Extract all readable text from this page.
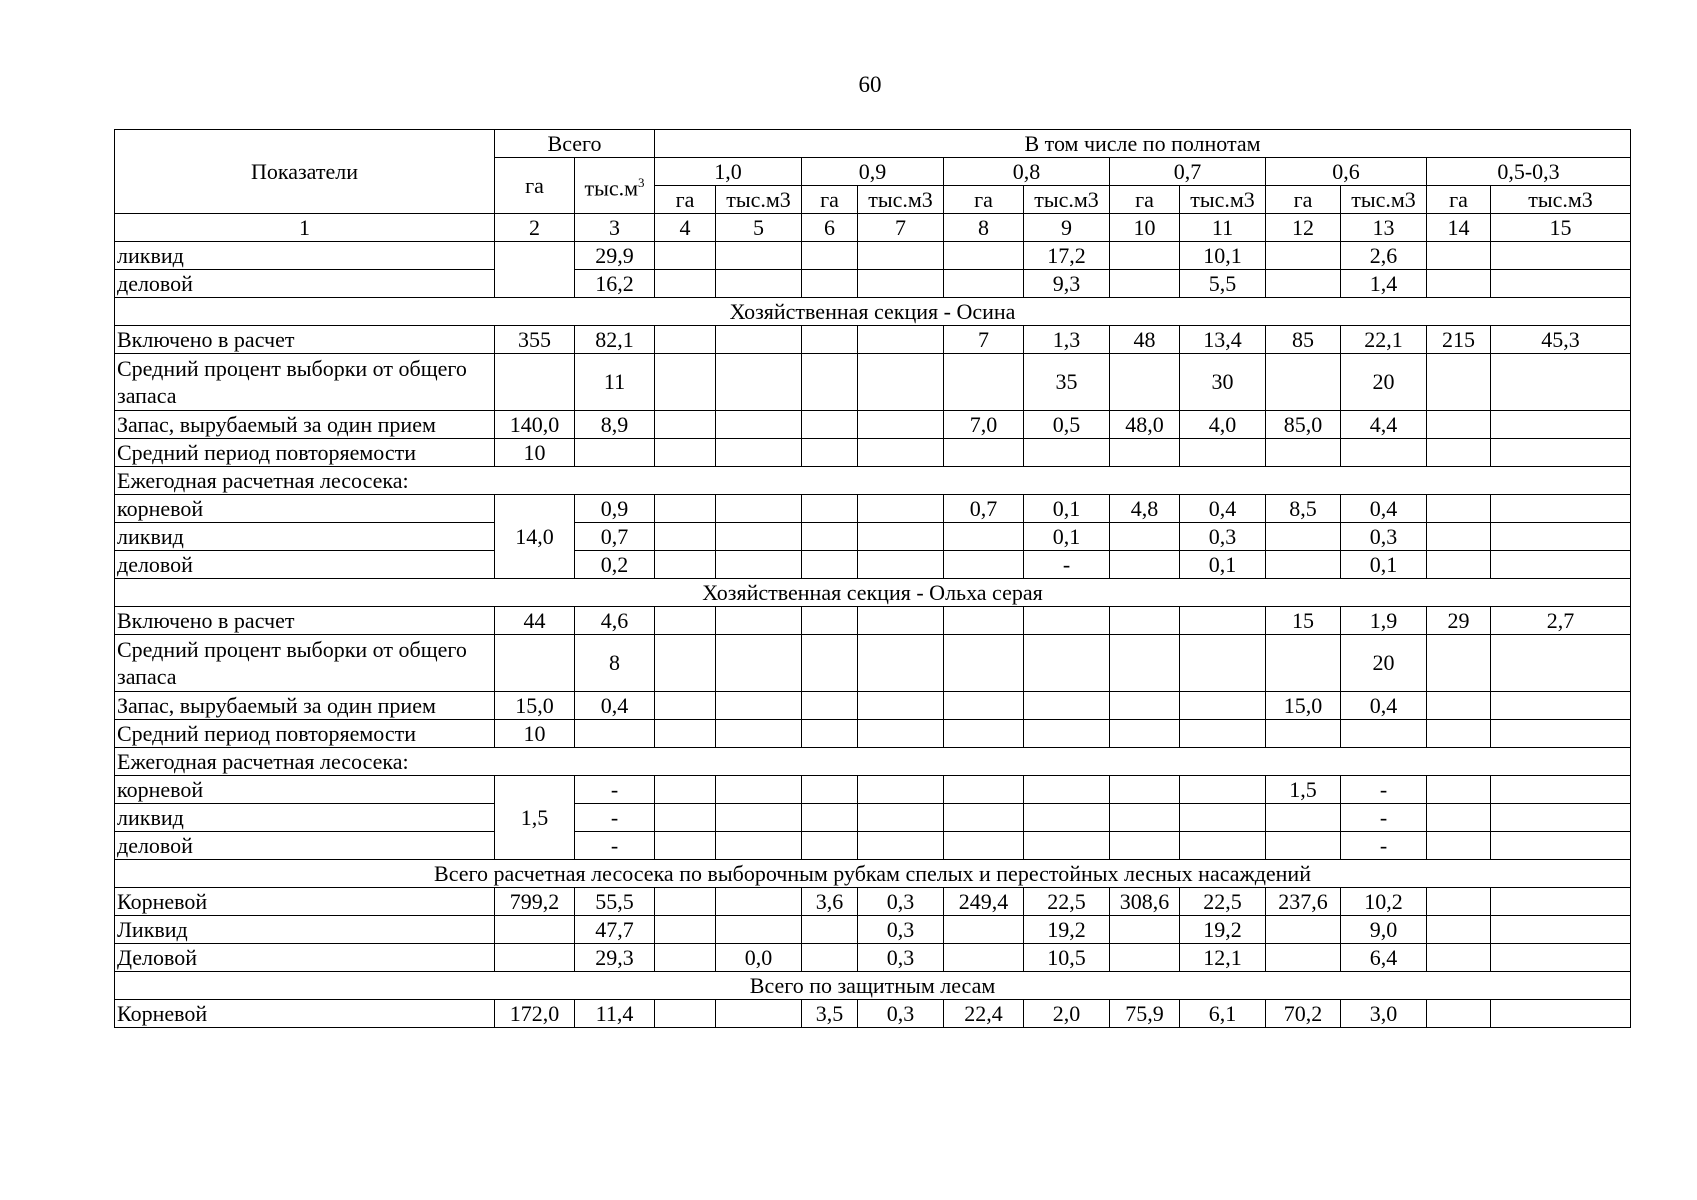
60
Показатели	Всего		В том числе по полнотам											
	га	$тыс.м^3$	1,0		0,9		0,8		0,7		0,6		0,5-0,3	
			га	тыс.м3	га	тыс.м3	га	тыс.м3	га	тыс.м3	га	тыс.м3	га	тыс.м3
1	2	3	4	5	6	7	8	9	10	11	12	13	14	15
ликвид		29,9						17,2		10,1		2,6		
деловой		16,2						9,3		5,5		1,4		
Хозяйственная секция - Осина														
Включено в расчет	355	82,1					7	1,3	48	13,4	85	22,1	215	45,3
Средний процент выборки от общего запаса		11						35		30		20		
Запас, вырубаемый за один прием	140,0	8,9					7,0	0,5	48,0	4,0	85,0	4,4		
Средний период повторяемости	10													
Ежегодная расчетная лесосека:														
корневой	14,0	0,9					0,7	0,1	4,8	0,4	8,5	0,4		
ликвид		0,7						0,1		0,3		0,3		
деловой		0,2						-		0,1		0,1		
Хозяйственная секция - Ольха серая														
Включено в расчет	44	4,6									15	1,9	29	2,7
Средний процент выборки от общего запаса		8										20		
Запас, вырубаемый за один прием	15,0	0,4									15,0	0,4		
Средний период повторяемости	10													
Ежегодная расчетная лесосека:														
корневой	1,5	-									1,5	-		
ликвид		-										-		
деловой		-										-		
Всего расчетная лесосека по выборочным рубкам спелых и перестойных лесных насаждений														
Корневой	799,2	55,5			3,6	0,3	249,4	22,5	308,6	22,5	237,6	10,2		
Ликвид		47,7				0,3		19,2		19,2		9,0		
Деловой		29,3		0,0		0,3		10,5		12,1		6,4		
Всего по защитным лесам														
Корневой	172,0	11,4			3,5	0,3	22,4	2,0	75,9	6,1	70,2	3,0		
